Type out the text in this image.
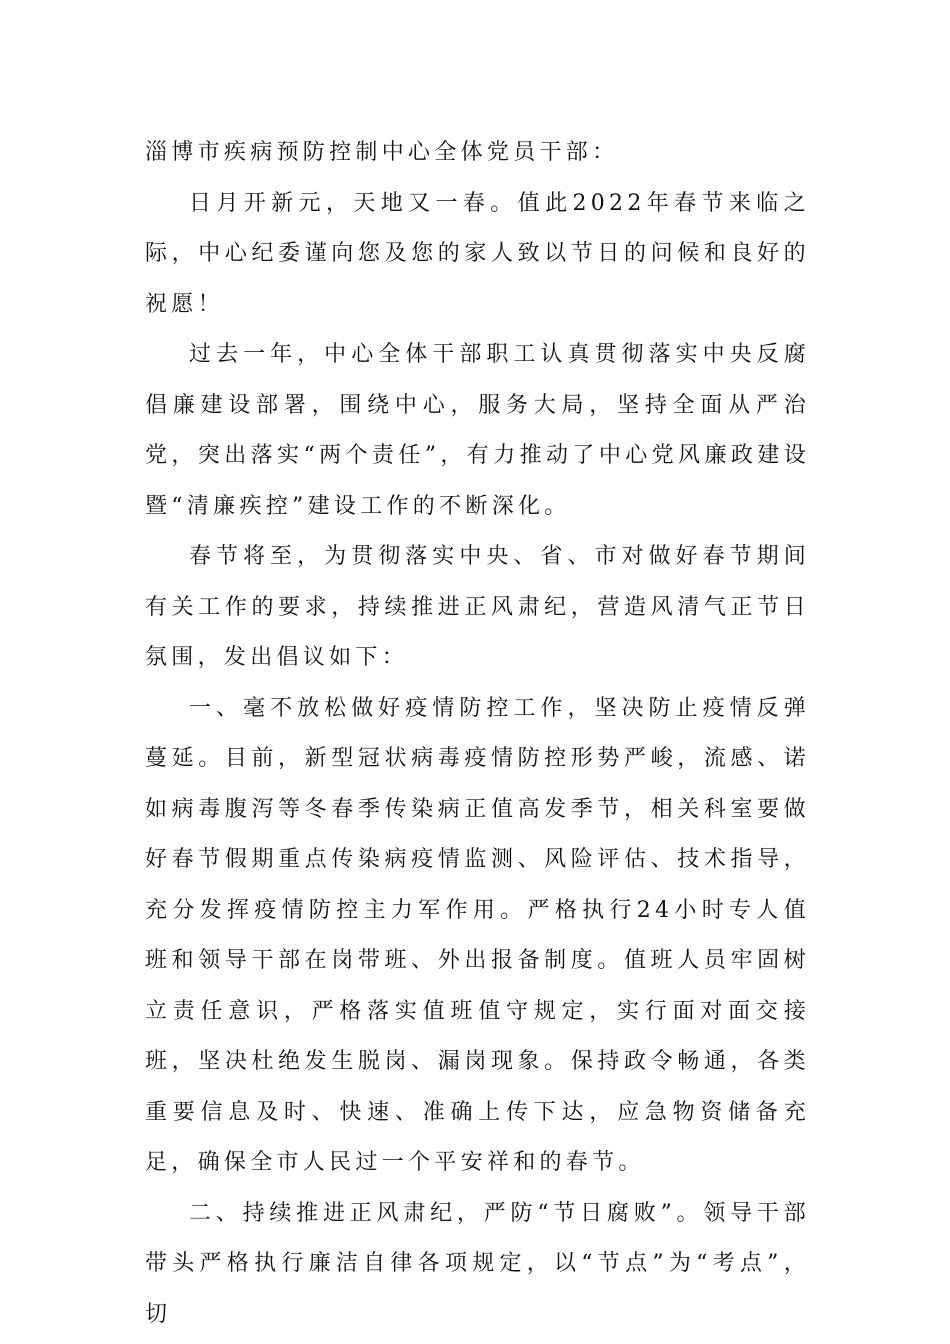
淄博市疾病预防控制中心全体党员干部：

日月开新元，天地又一春。值此2022年春节来临之际，中心纪委谨向您及您的家人致以节日的问候和良好的祝愿！

过去一年，中心全体干部职工认真贯彻落实中央反腐倡廉建设部署，围绕中心，服务大局，坚持全面从严治党，突出落实“两个责任”，有力推动了中心党风廉政建设暨“清廉疾控”建设工作的不断深化。

春节将至，为贯彻落实中央、省、市对做好春节期间有关工作的要求，持续推进正风肃纪，营造风清气正节日氛围，发出倡议如下：

一、毫不放松做好疫情防控工作，坚决防止疫情反弹蔓延。目前，新型冠状病毒疫情防控形势严峻，流感、诺如病毒腹泻等冬春季传染病正值高发季节，相关科室要做好春节假期重点传染病疫情监测、风险评估、技术指导，充分发挥疫情防控主力军作用。严格执行24小时专人值班和领导干部在岗带班、外出报备制度。值班人员牢固树立责任意识，严格落实值班值守规定，实行面对面交接班，坚决杜绝发生脱岗、漏岗现象。保持政令畅通，各类重要信息及时、快速、准确上传下达，应急物资储备充足，确保全市人民过一个平安祥和的春节。

二、持续推进正风肃纪，严防“节日腐败”。领导干部带头严格执行廉洁自律各项规定，以“节点”为“考点”，切
